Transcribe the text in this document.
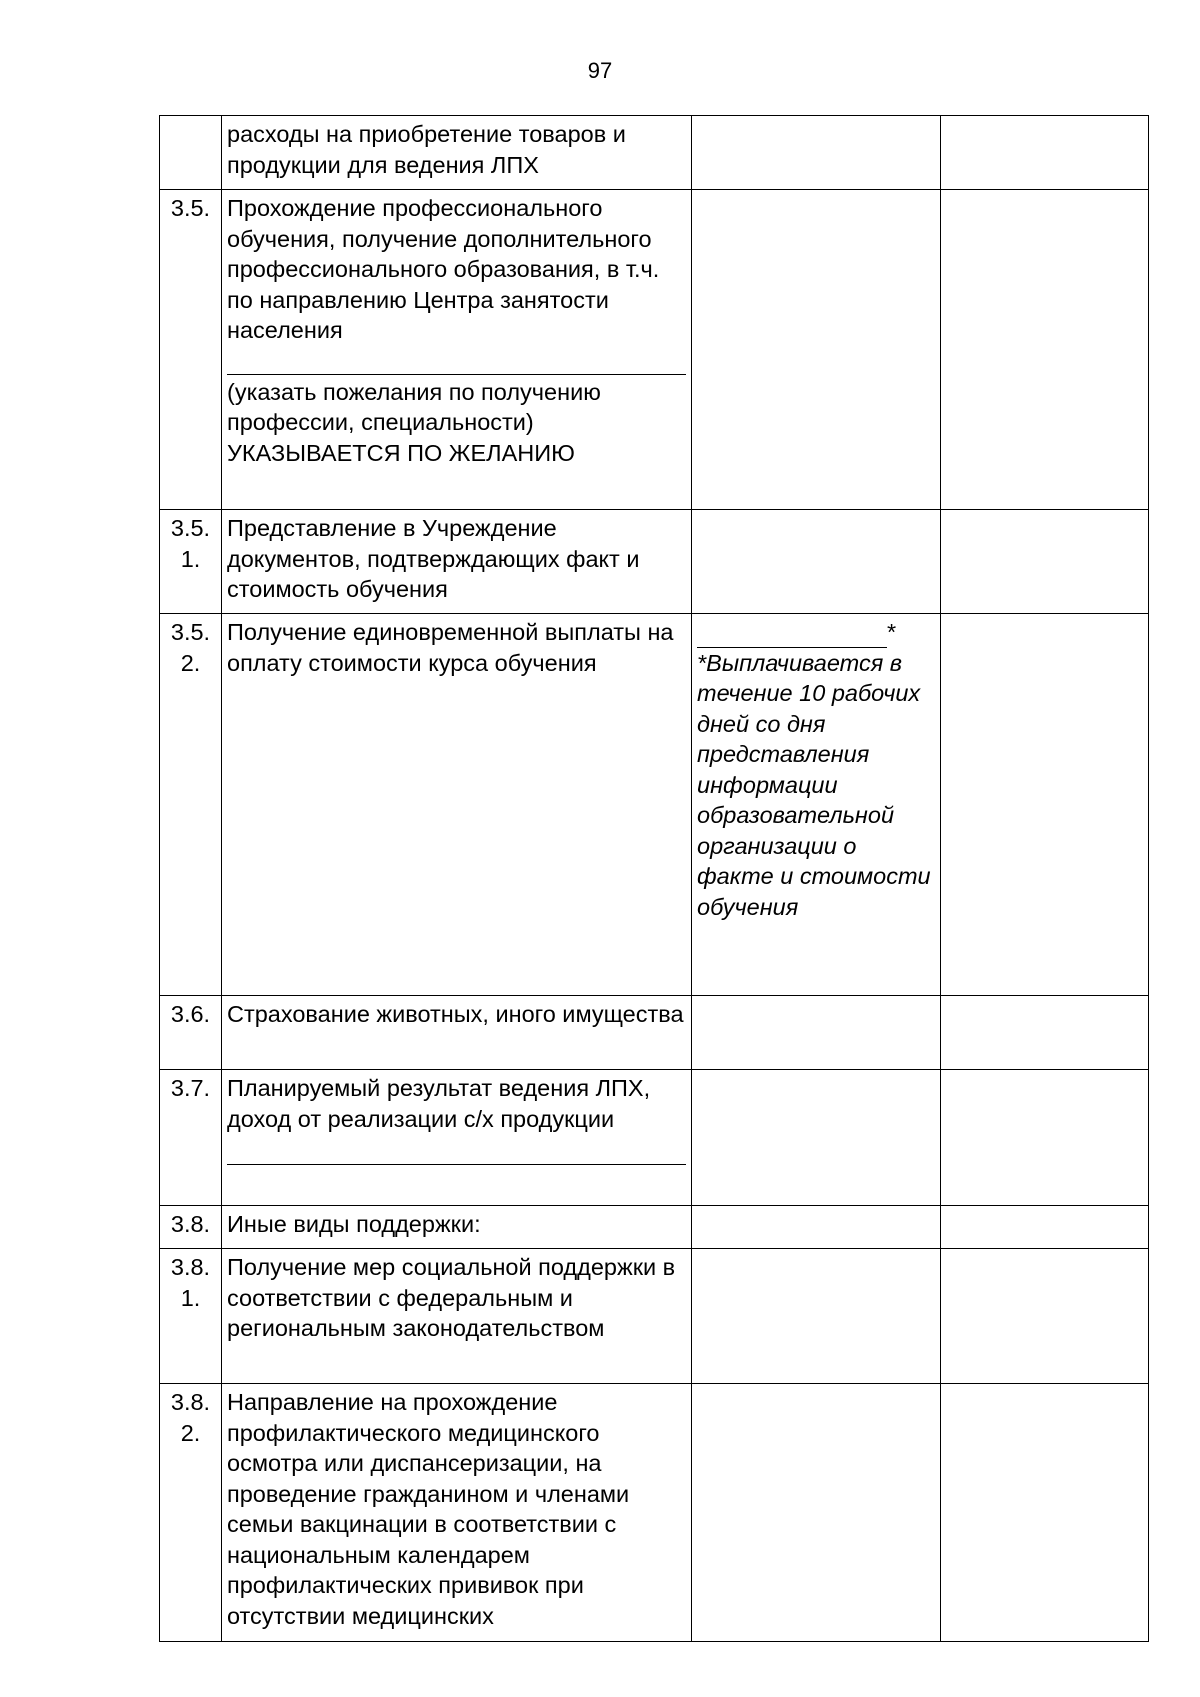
97

	расходы на приобретение товаров и продукции для ведения ЛПХ		

3.5.	Прохождение профессионального обучения, получение дополнительного профессионального образования, в т.ч. по направлению Центра занятости населения
(указать пожелания по получению профессии, специальности) УКАЗЫВАЕТСЯ ПО ЖЕЛАНИЮ		

3.5. 1.	Представление в Учреждение документов, подтверждающих факт и стоимость обучения		

3.5. 2.	Получение единовременной выплаты на оплату стоимости курса обучения	*
*Выплачивается в течение 10 рабочих дней со дня представления информации образовательной организации о факте и стоимости обучения	

3.6.	Страхование животных, иного имущества		

3.7.	Планируемый результат ведения ЛПХ, доход от реализации с/х продукции		

3.8.	Иные виды поддержки:		

3.8. 1.	Получение мер социальной поддержки в соответствии с федеральным и региональным законодательством		

3.8. 2.	Направление на прохождение профилактического медицинского осмотра или диспансеризации, на проведение гражданином и членами семьи вакцинации в соответствии с национальным календарем профилактических прививок при отсутствии медицинских		
